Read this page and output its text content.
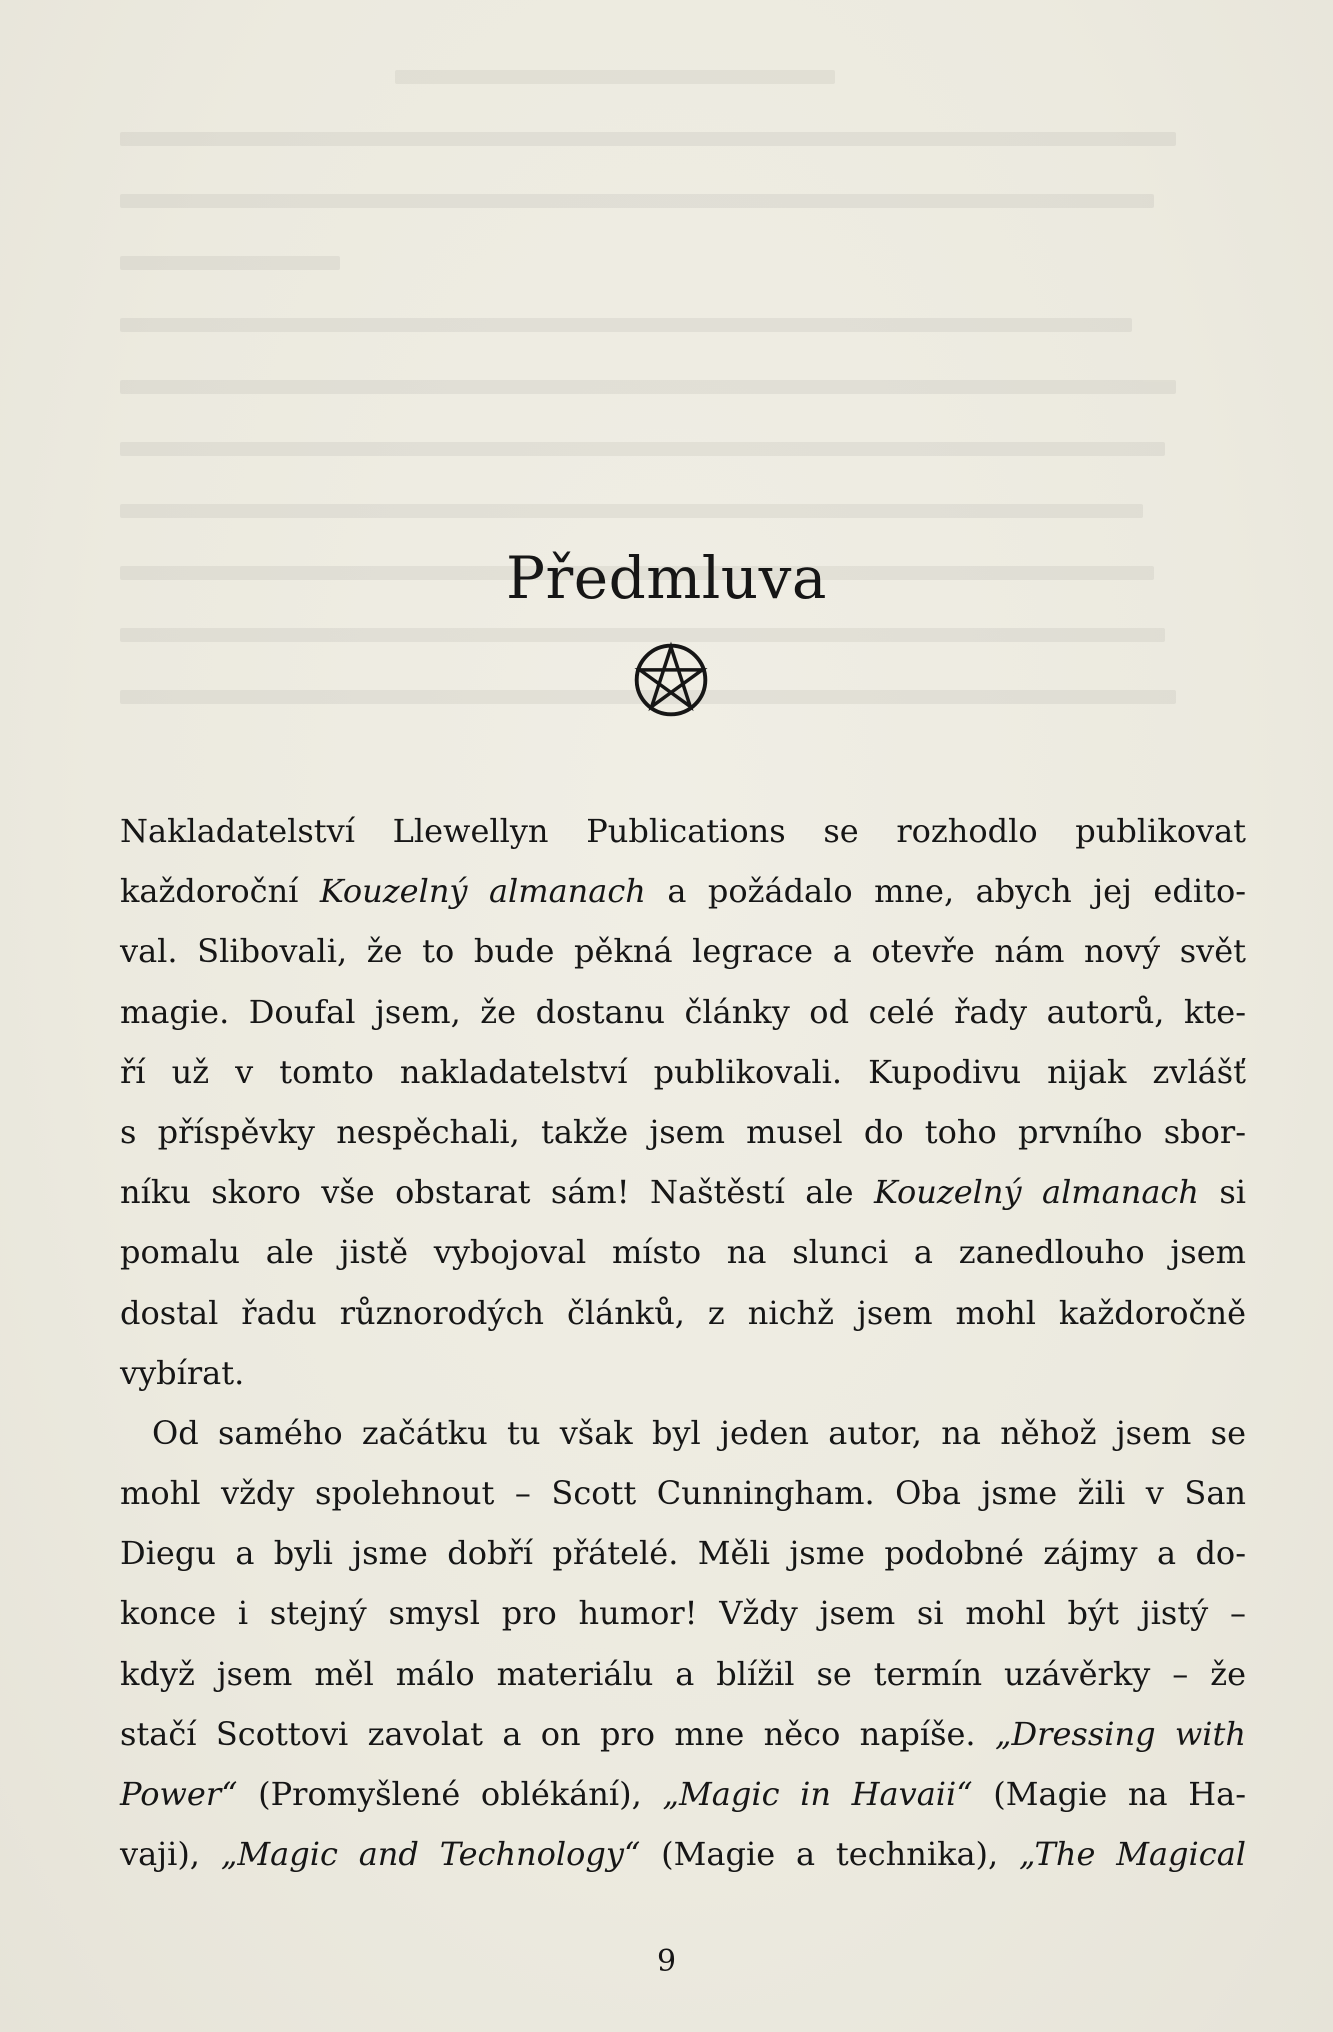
Předmluva
Nakladatelství Llewellyn Publications se rozhodlo publikovat
každoroční Kouzelný almanach a požádalo mne, abych jej edito-
val. Slibovali, že to bude pěkná legrace a otevře nám nový svět
magie. Doufal jsem, že dostanu články od celé řady autorů, kte-
ří už v tomto nakladatelství publikovali. Kupodivu nijak zvlášť
s příspěvky nespěchali, takže jsem musel do toho prvního sbor-
níku skoro vše obstarat sám! Naštěstí ale Kouzelný almanach si
pomalu ale jistě vybojoval místo na slunci a zanedlouho jsem
dostal řadu různorodých článků, z nichž jsem mohl každoročně
vybírat.
Od samého začátku tu však byl jeden autor, na něhož jsem se
mohl vždy spolehnout – Scott Cunningham. Oba jsme žili v San
Diegu a byli jsme dobří přátelé. Měli jsme podobné zájmy a do-
konce i stejný smysl pro humor! Vždy jsem si mohl být jistý –
když jsem měl málo materiálu a blížil se termín uzávěrky – že
stačí Scottovi zavolat a on pro mne něco napíše. „Dressing with
Power“ (Promyšlené oblékání), „Magic in Havaii“ (Magie na Ha-
vaji), „Magic and Technology“ (Magie a technika), „The Magical
9
